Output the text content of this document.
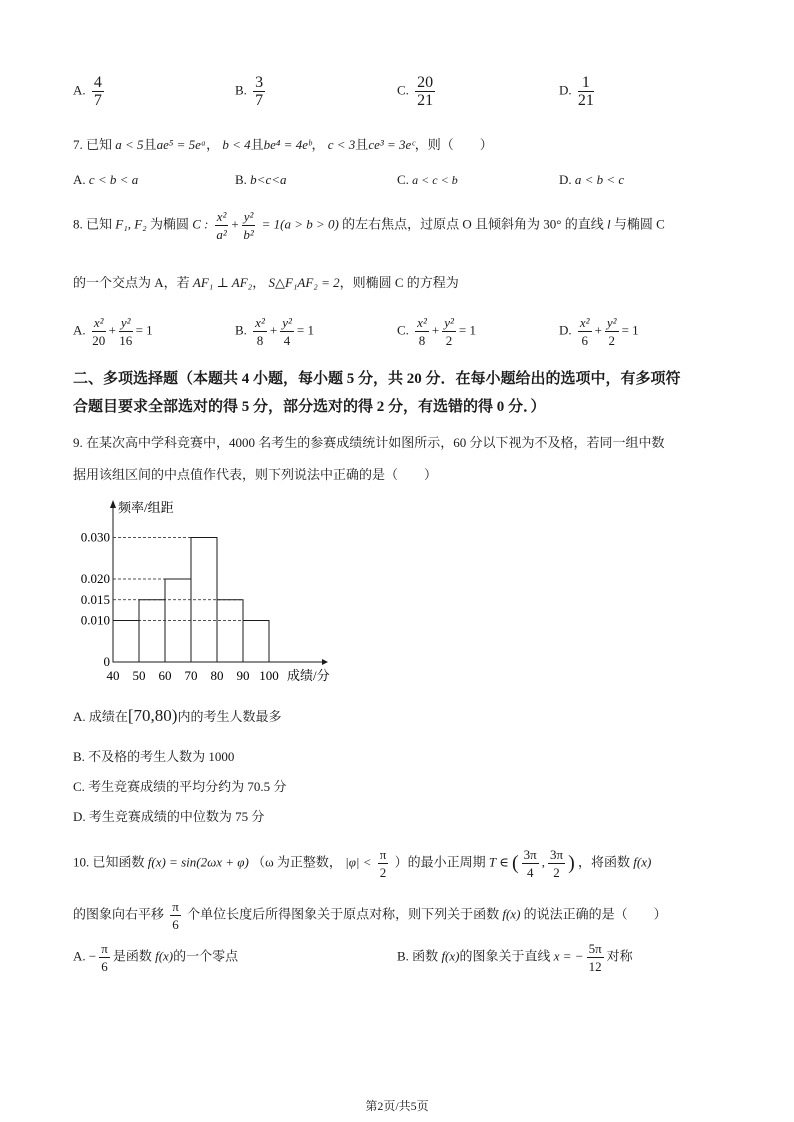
A. $\frac{4}{7}$	B. $\frac{3}{7}$	C. $\frac{20}{21}$	D. $\frac{1}{21}$
7. 已知 a < 5且ae⁵ = 5eᵃ， b < 4且be⁴ = 4eᵇ， c < 3且ce³ = 3eᶜ，则（　　）
A. c < b < a	B. b<c<a	C. a < c < b	D. a < b < c
8. 已知 F₁, F₂ 为椭圆 C : $\frac{\text{x²}}{\text{a²}} + \frac{\text{y²}}{\text{b²}} = 1(a > b > 0)$ 的左右焦点，过原点 O 且倾斜角为 30° 的直线 l 与椭圆 C
的一个交点为 A，若 AF₁ ⊥ AF₂， S△F₁AF₂ = 2，则椭圆 C 的方程为
A. $\frac{\text{x²}}{20} + \frac{\text{y²}}{16} = 1$	B. $\frac{\text{x²}}{8} + \frac{\text{y²}}{4} = 1$	C. $\frac{\text{x²}}{8} + \frac{\text{y²}}{2} = 1$	D. $\frac{\text{x²}}{6} + \frac{\text{y²}}{2} = 1$
二、多项选择题（本题共 4 小题，每小题 5 分，共 20 分．在每小题给出的选项中，有多项符
合题目要求全部选对的得 5 分，部分选对的得 2 分，有选错的得 0 分．）
9. 在某次高中学科竞赛中，4000 名考生的参赛成绩统计如图所示，60 分以下视为不及格，若同一组中数
据用该组区间的中点值作代表，则下列说法中正确的是（　　）
频率/组距
0.030
0.020
0.015
0.010
0
40 50 60 70 80 90 100 成绩/分
A. 成绩在[70,80)内的考生人数最多
B. 不及格的考生人数为 1000
C. 考生竞赛成绩的平均分约为 70.5 分
D. 考生竞赛成绩的中位数为 75 分
10. 已知函数 f(x) = sin(2ωx + φ) （ω 为正整数， $|\varphi| < \frac{\pi}{2}$ ）的最小正周期 T ∈ ( $\frac{3\pi}{4}$ , $\frac{3\pi}{2}$ ) ，将函数 f(x)
的图象向右平移 $\frac{\pi}{6}$ 个单位长度后所得图象关于原点对称，则下列关于函数 f(x) 的说法正确的是（　　）
A. − $\frac{\pi}{6}$ 是函数 f(x)的一个零点	B. 函数 f(x)的图象关于直线 x = − $\frac{5\pi}{12}$ 对称
第2页/共5页
